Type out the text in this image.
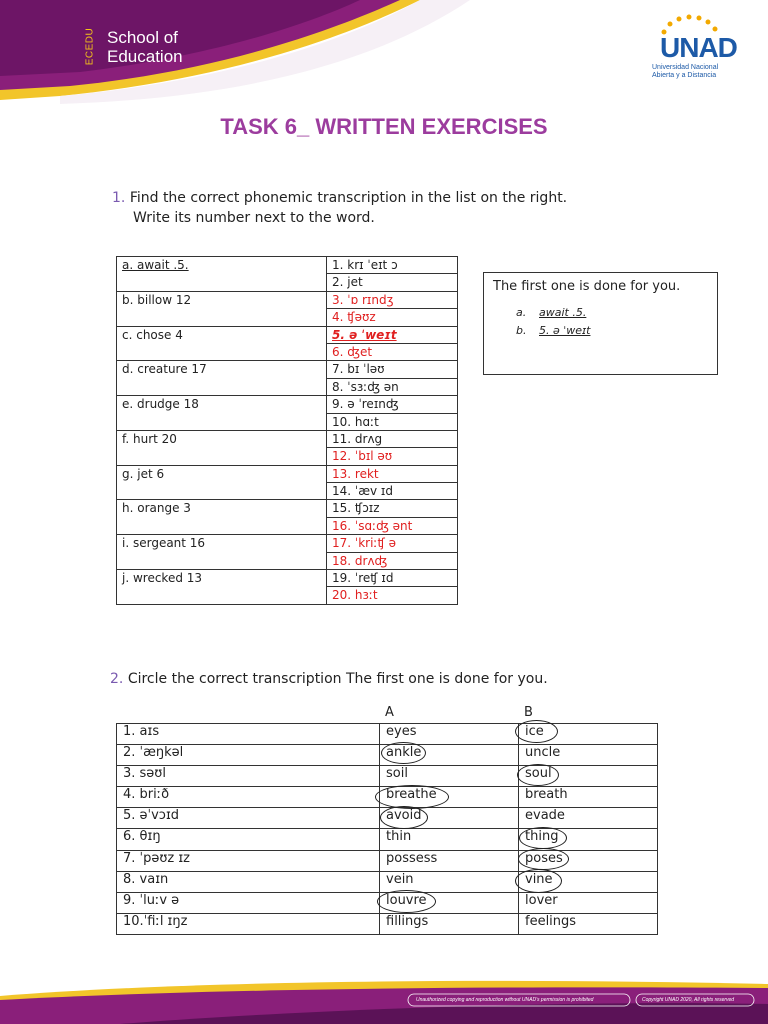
ECEDU School of
Education	UNAD
Universidad Nacional
Abierta y a Distancia
TASK 6_ WRITTEN EXERCISES
1. Find the correct phonemic transcription in the list on the right.
Write its number next to the word.
a. await .5.	1. krɪ ˈeɪt ɔ
	2. jet
b. billow 12	3. ˈɒ rɪndʒ
	4. ʧəʊz
c. chose 4	5. ə ˈweɪt
	6. ʤet
d. creature 17	7. bɪ ˈləʊ
	8. ˈsɜːʤ ən
e. drudge 18	9. ə ˈreɪnʤ
	10. hɑːt
f. hurt 20	11. drʌg
	12. ˈbɪl əʊ
g. jet 6	13. rekt
	14. ˈæv ɪd
h. orange 3	15. ʧɔɪz
	16. ˈsɑːʤ ənt
i. sergeant 16	17. ˈkriːʧ ə
	18. drʌʤ
j. wrecked 13	19. ˈreʧ ɪd
	20. hɜːt
The first one is done for you.
a. await .5.
b. 5. ə ˈweɪt
2. Circle the correct transcription The first one is done for you.
A	B
1. aɪs	eyes	ice
2. ˈæŋkəl	ankle	uncle
3. səʊl	soil	soul
4. briːð	breathe	breath
5. əˈvɔɪd	avoid	evade
6. θɪŋ	thin	thing
7. ˈpəʊz ɪz	possess	poses
8. vaɪn	vein	vine
9. ˈluːv ə	louvre	lover
10.ˈfiːl ɪŋz	fillings	feelings
Unauthorized copying and reproduction without UNAD's permission is prohibited	Copyright UNAD 2020, All rights reserved
